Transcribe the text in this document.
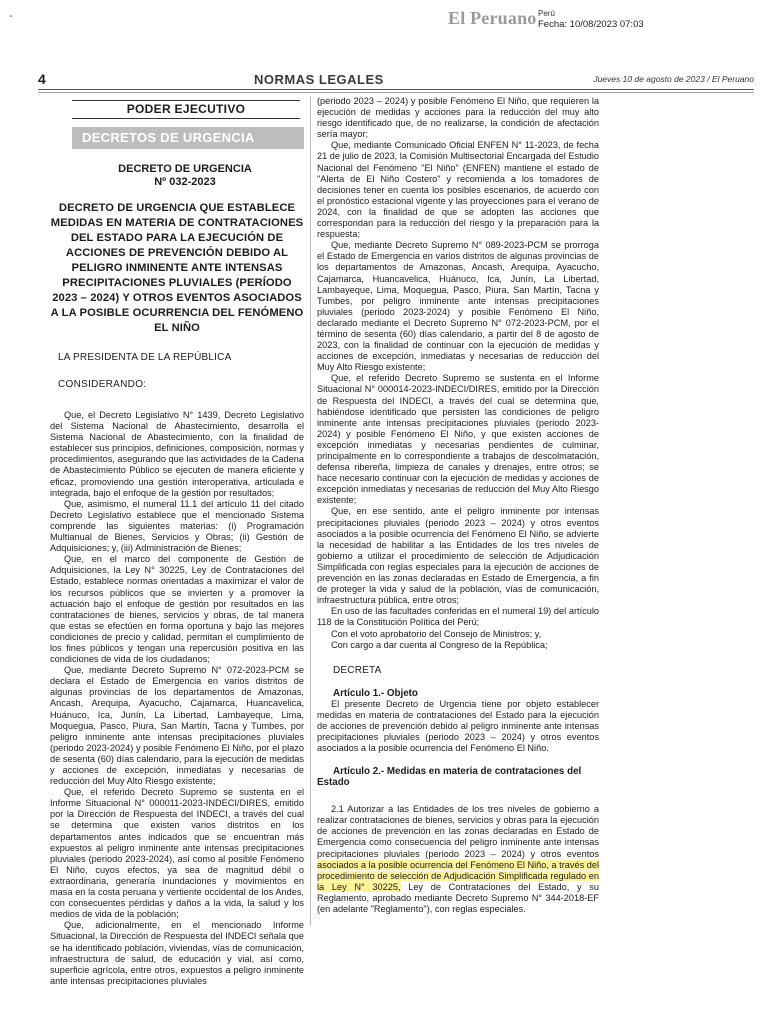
-	El Peruano Perú
Fecha: 10/08/2023 07:03
4	NORMAS LEGALES	Jueves 10 de agosto de 2023 / El Peruano
PODER EJECUTIVO
DECRETOS DE URGENCIA
DECRETO DE URGENCIA
Nº 032-2023
DECRETO DE URGENCIA QUE ESTABLECE MEDIDAS EN MATERIA DE CONTRATACIONES DEL ESTADO PARA LA EJECUCIÓN DE ACCIONES DE PREVENCIÓN DEBIDO AL PELIGRO INMINENTE ANTE INTENSAS PRECIPITACIONES PLUVIALES (PERÍODO 2023 – 2024) Y OTROS EVENTOS ASOCIADOS A LA POSIBLE OCURRENCIA DEL FENÓMENO EL NIÑO
LA PRESIDENTA DE LA REPÚBLICA
CONSIDERANDO:

Que, el Decreto Legislativo N° 1439, Decreto Legislativo del Sistema Nacional de Abastecimiento, desarrolla el Sistema Nacional de Abastecimiento, con la finalidad de establecer sus principios, definiciones, composición, normas y procedimientos, asegurando que las actividades de la Cadena de Abastecimiento Público se ejecuten de manera eficiente y eficaz, promoviendo una gestión interoperativa, articulada e integrada, bajo el enfoque de la gestión por resultados;

Que, asimismo, el numeral 11.1 del artículo 11 del citado Decreto Legislativo establece que el mencionado Sistema comprende las siguientes materias: (i) Programación Multianual de Bienes, Servicios y Obras; (ii) Gestión de Adquisiciones; y, (iii) Administración de Bienes;

Que, en el marco del componente de Gestión de Adquisiciones, la Ley N° 30225, Ley de Contrataciones del Estado, establece normas orientadas a maximizar el valor de los recursos públicos que se invierten y a promover la actuación bajo el enfoque de gestión por resultados en las contrataciones de bienes, servicios y obras, de tal manera que estas se efectúen en forma oportuna y bajo las mejores condiciones de precio y calidad, permitan el cumplimiento de los fines públicos y tengan una repercusión positiva en las condiciones de vida de los ciudadanos;

Que, mediante Decreto Supremo N° 072-2023-PCM se declara el Estado de Emergencia en varios distritos de algunas provincias de los departamentos de Amazonas, Ancash, Arequipa, Ayacucho, Cajamarca, Huancavelica, Huánuco, Ica, Junín, La Libertad, Lambayeque, Lima, Moquegua, Pasco, Piura, San Martín, Tacna y Tumbes, por peligro inminente ante intensas precipitaciones pluviales (periodo 2023-2024) y posible Fenómeno El Niño, por el plazo de sesenta (60) días calendario, para la ejecución de medidas y acciones de excepción, inmediatas y necesarias de reducción del Muy Alto Riesgo existente;

Que, el referido Decreto Supremo se sustenta en el Informe Situacional N° 000011-2023-INDECI/DIRES, emitido por la Dirección de Respuesta del INDECI, a través del cual se determina que existen varios distritos en los departamentos antes indicados que se encuentran más expuestos al peligro inminente ante intensas precipitaciones pluviales (periodo 2023-2024), así como al posible Fenómeno El Niño, cuyos efectos, ya sea de magnitud débil o extraordinaria, generaría inundaciones y movimientos en masa en la costa peruana y vertiente occidental de los Andes, con consecuentes pérdidas y daños a la vida, la salud y los medios de vida de la población;

Que, adicionalmente, en el mencionado Informe Situacional, la Dirección de Respuesta del INDECI señala que se ha identificado población, viviendas, vías de comunicación, infraestructura de salud, de educación y vial, así como, superficie agrícola, entre otros, expuestos a peligro inminente ante intensas precipitaciones pluviales

(periodo 2023 – 2024) y posible Fenómeno El Niño, que requieren la ejecución de medidas y acciones para la reducción del muy alto riesgo identificado que, de no realizarse, la condición de afectación sería mayor;

Que, mediante Comunicado Oficial ENFEN N° 11-2023, de fecha 21 de julio de 2023, la Comisión Multisectorial Encargada del Estudio Nacional del Fenómeno "El Niño" (ENFEN) mantiene el estado de "Alerta de El Niño Costero" y recomienda a los tomadores de decisiones tener en cuenta los posibles escenarios, de acuerdo con el pronóstico estacional vigente y las proyecciones para el verano de 2024, con la finalidad de que se adopten las acciones que correspondan para la reducción del riesgo y la preparación para la respuesta;

Que, mediante Decreto Supremo N° 089-2023-PCM se prorroga el Estado de Emergencia en varios distritos de algunas provincias de los departamentos de Amazonas, Ancash, Arequipa, Ayacucho, Cajamarca, Huancavelica, Huánuco, Ica, Junín, La Libertad, Lambayeque, Lima, Moquegua, Pasco, Piura, San Martín, Tacna y Tumbes, por peligro inminente ante intensas precipitaciones pluviales (periodo 2023-2024) y posible Fenómeno El Niño, declarado mediante el Decreto Supremo N° 072-2023-PCM, por el término de sesenta (60) días calendario, a partir del 8 de agosto de 2023, con la finalidad de continuar con la ejecución de medidas y acciones de excepción, inmediatas y necesarias de reducción del Muy Alto Riesgo existente;

Que, el referido Decreto Supremo se sustenta en el Informe Situacional N° 000014-2023-INDECI/DIRES, emitido por la Dirección de Respuesta del INDECI, a través del cual se determina que, habiéndose identificado que persisten las condiciones de peligro inminente ante intensas precipitaciones pluviales (periodo 2023-2024) y posible Fenómeno El Niño, y que existen acciones de excepción inmediatas y necesarias pendientes de culminar, principalmente en lo correspondiente a trabajos de descolmatación, defensa ribereña, limpieza de canales y drenajes, entre otros; se hace necesario continuar con la ejecución de medidas y acciones de excepción inmediatas y necesarias de reducción del Muy Alto Riesgo existente;

Que, en ese sentido, ante el peligro inminente por intensas precipitaciones pluviales (periodo 2023 – 2024) y otros eventos asociados a la posible ocurrencia del Fenómeno El Niño, se advierte la necesidad de habilitar a las Entidades de los tres niveles de gobierno a utilizar el procedimiento de selección de Adjudicación Simplificada con reglas especiales para la ejecución de acciones de prevención en las zonas declaradas en Estado de Emergencia, a fin de proteger la vida y salud de la población, vías de comunicación, infraestructura pública, entre otros;

En uso de las facultades conferidas en el numeral 19) del artículo 118 de la Constitución Política del Perú;

Con el voto aprobatorio del Consejo de Ministros; y,

Con cargo a dar cuenta al Congreso de la República;

DECRETA
Artículo 1.- Objeto

El presente Decreto de Urgencia tiene por objeto establecer medidas en materia de contrataciones del Estado para la ejecución de acciones de prevención debido al peligro inminente ante intensas precipitaciones pluviales (periodo 2023 – 2024) y otros eventos asociados a la posible ocurrencia del Fenómeno El Niño.

Artículo 2.- Medidas en materia de contrataciones del Estado

2.1 Autorizar a las Entidades de los tres niveles de gobierno a realizar contrataciones de bienes, servicios y obras para la ejecución de acciones de prevención en las zonas declaradas en Estado de Emergencia como consecuencia del peligro inminente ante intensas precipitaciones pluviales (periodo 2023 – 2024) y otros eventos asociados a la posible ocurrencia del Fenómeno El Niño, a través del procedimiento de selección de Adjudicación Simplificada regulado en la Ley N° 30225, Ley de Contrataciones del Estado, y su Reglamento, aprobado mediante Decreto Supremo N° 344-2018-EF (en adelante "Reglamento"), con reglas especiales.
